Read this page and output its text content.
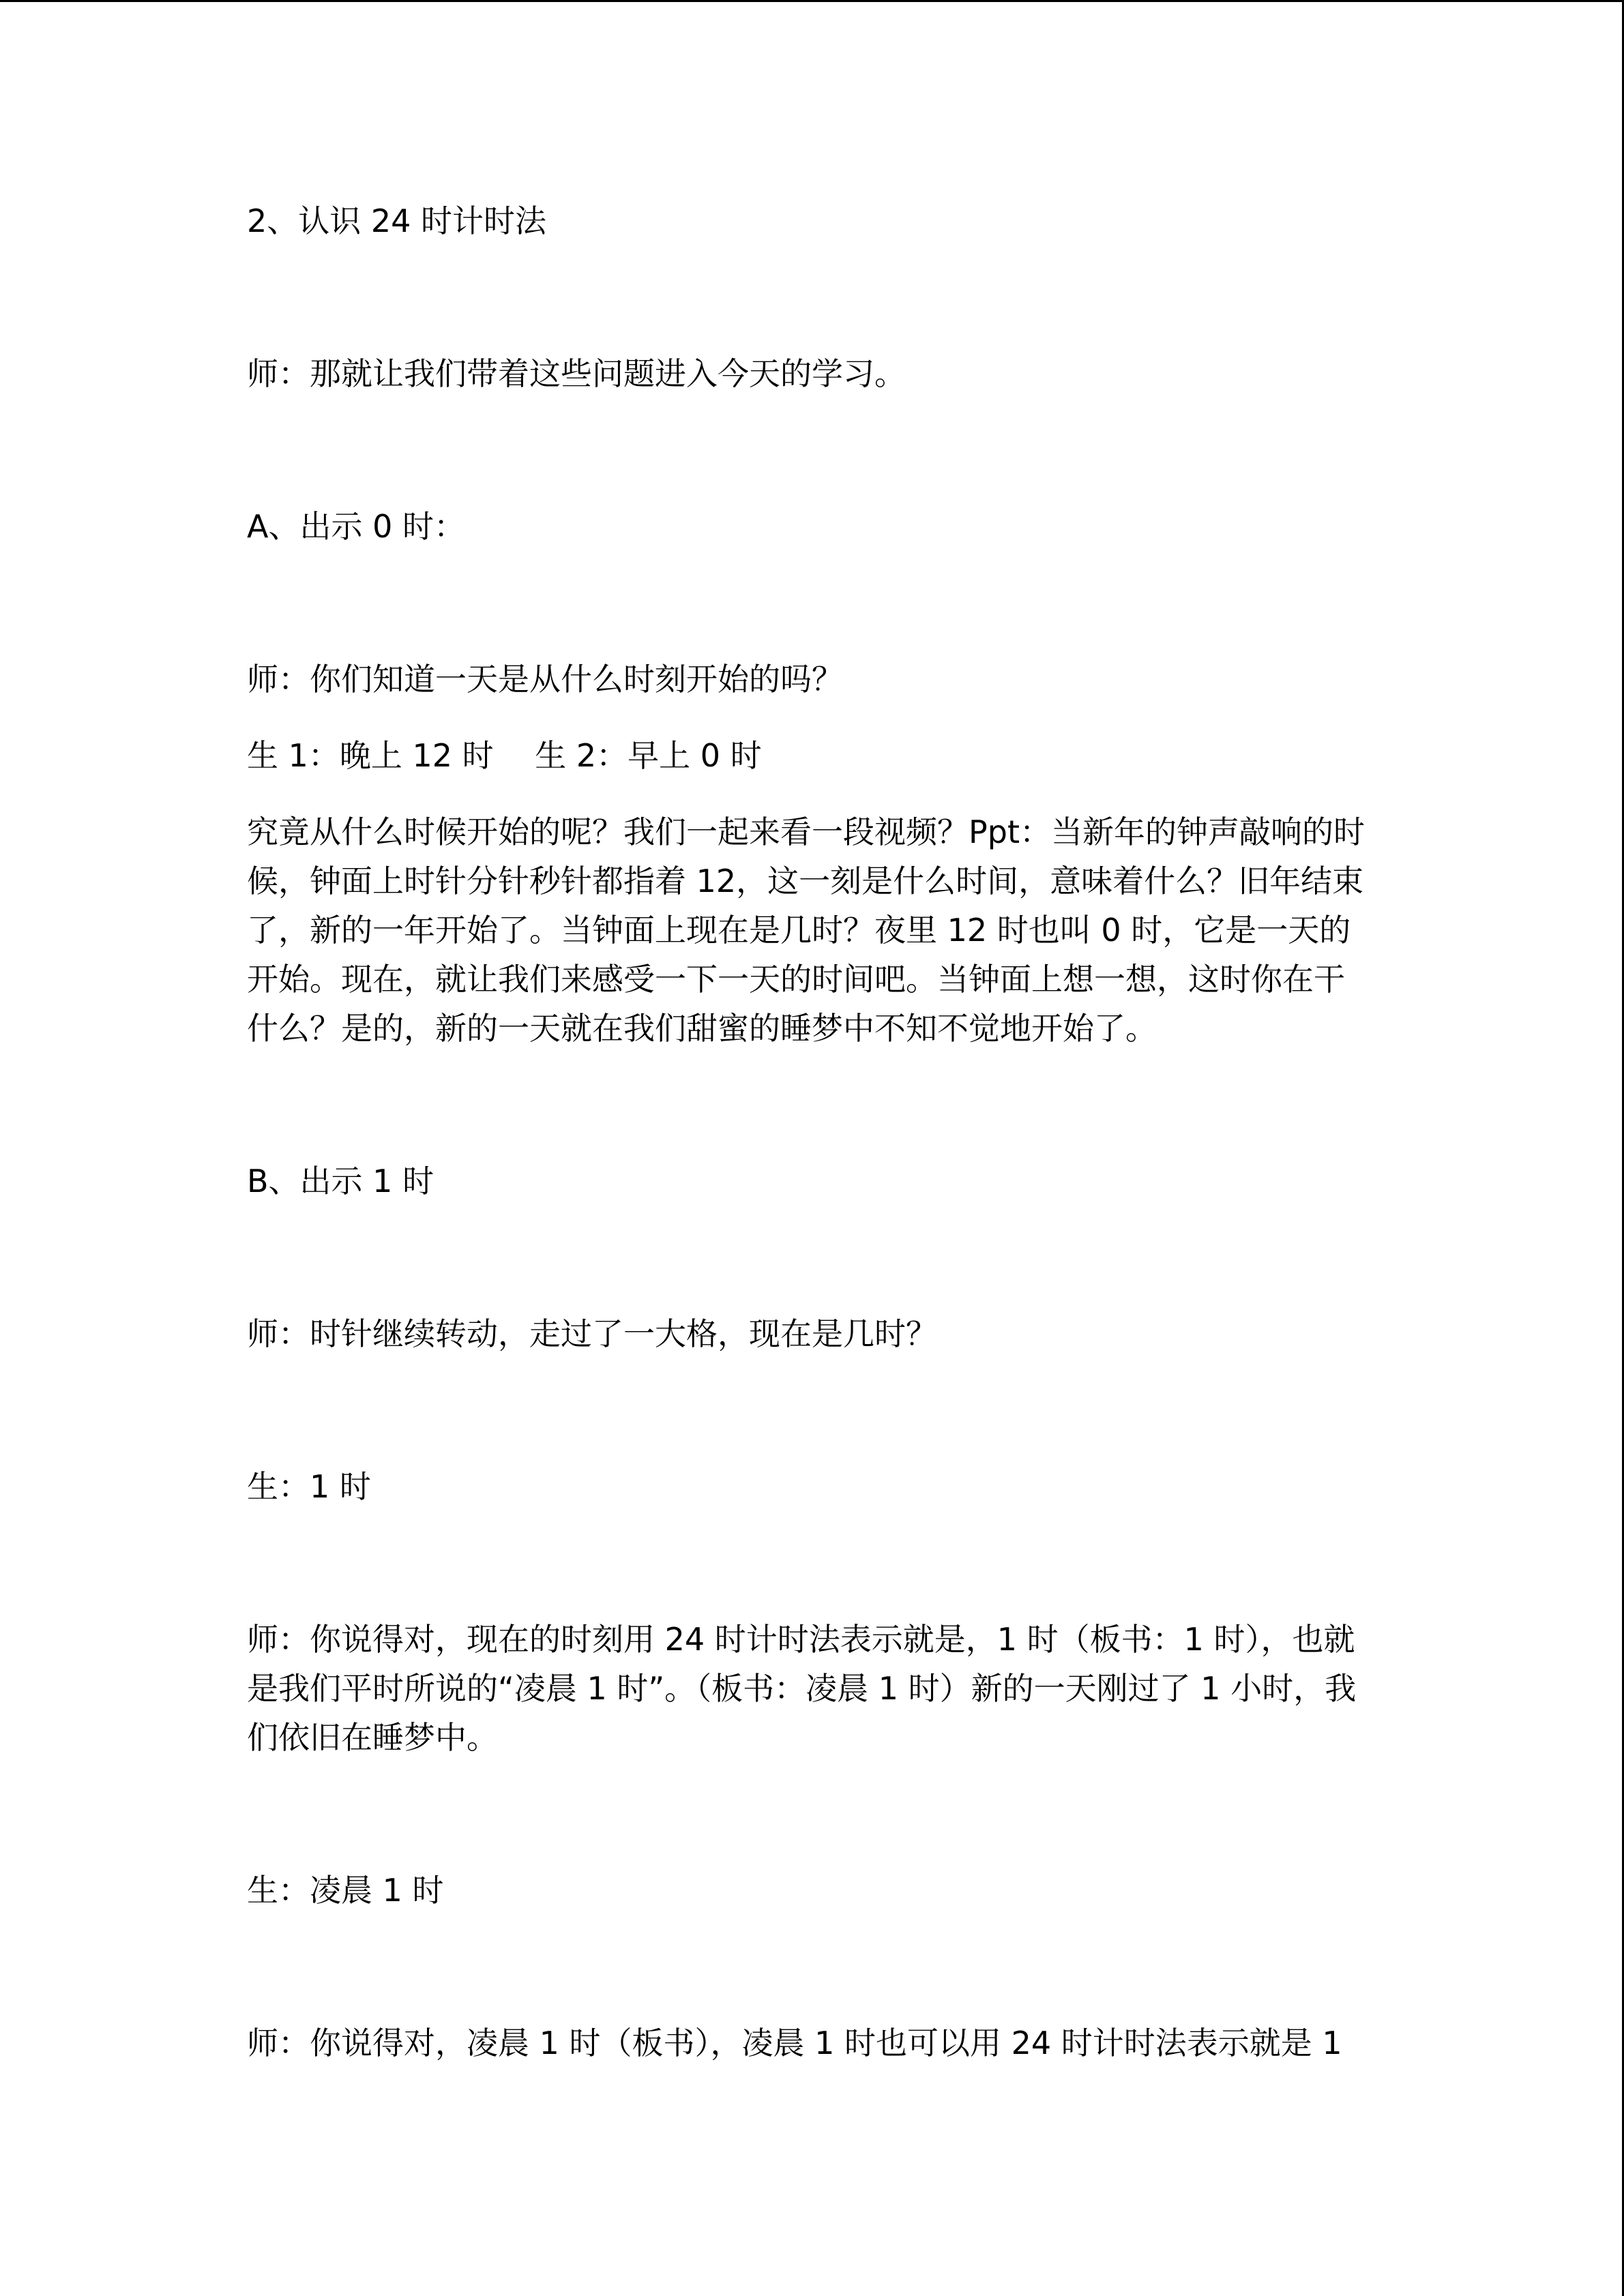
2、认识 24 时计时法

师：那就让我们带着这些问题进入今天的学习。

A、出示 0 时：

师：你们知道一天是从什么时刻开始的吗？

生 1：晚上 12 时　 生 2：早上 0 时

究竟从什么时候开始的呢？我们一起来看一段视频？Ppt：当新年的钟声敲响的时候，钟面上时针分针秒针都指着 12，这一刻是什么时间，意味着什么？旧年结束了，新的一年开始了。当钟面上现在是几时？夜里 12 时也叫 0 时，它是一天的开始。现在，就让我们来感受一下一天的时间吧。当钟面上想一想，这时你在干什么？是的，新的一天就在我们甜蜜的睡梦中不知不觉地开始了。

B、出示 1 时

师：时针继续转动，走过了一大格，现在是几时？

生：1 时

师：你说得对，现在的时刻用 24 时计时法表示就是，1 时（板书：1 时），也就是我们平时所说的“凌晨 1 时”。（板书：凌晨 1 时）新的一天刚过了 1 小时，我们依旧在睡梦中。

生：凌晨 1 时

师：你说得对，凌晨 1 时（板书），凌晨 1 时也可以用 24 时计时法表示就是 1
